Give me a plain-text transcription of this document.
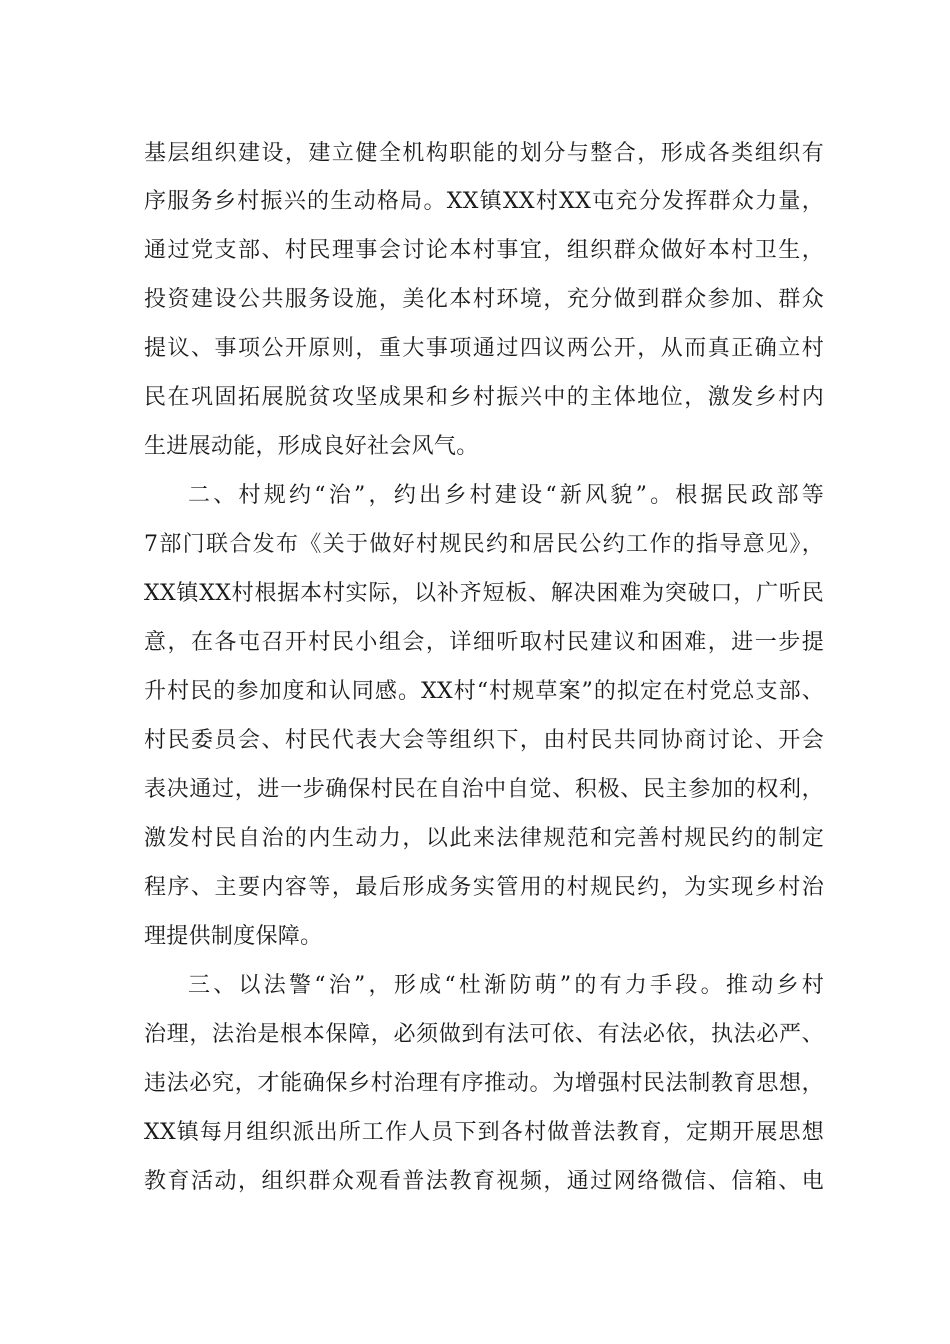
基层组织建设，建立健全机构职能的划分与整合，形成各类组织有
序服务乡村振兴的生动格局。XX镇XX村XX屯充分发挥群众力量，
通过党支部、村民理事会讨论本村事宜，组织群众做好本村卫生，
投资建设公共服务设施，美化本村环境，充分做到群众参加、群众
提议、事项公开原则，重大事项通过四议两公开，从而真正确立村
民在巩固拓展脱贫攻坚成果和乡村振兴中的主体地位，激发乡村内
生进展动能，形成良好社会风气。
二、村规约“治”，约出乡村建设“新风貌”。根据民政部等
7部门联合发布《关于做好村规民约和居民公约工作的指导意见》，
XX镇XX村根据本村实际，以补齐短板、解决困难为突破口，广听民
意，在各屯召开村民小组会，详细听取村民建议和困难，进一步提
升村民的参加度和认同感。XX村“村规草案”的拟定在村党总支部、
村民委员会、村民代表大会等组织下，由村民共同协商讨论、开会
表决通过，进一步确保村民在自治中自觉、积极、民主参加的权利，
激发村民自治的内生动力，以此来法律规范和完善村规民约的制定
程序、主要内容等，最后形成务实管用的村规民约，为实现乡村治
理提供制度保障。
三、以法警“治”，形成“杜渐防萌”的有力手段。推动乡村
治理，法治是根本保障，必须做到有法可依、有法必依，执法必严、
违法必究，才能确保乡村治理有序推动。为增强村民法制教育思想，
XX镇每月组织派出所工作人员下到各村做普法教育，定期开展思想
教育活动，组织群众观看普法教育视频，通过网络微信、信箱、电
